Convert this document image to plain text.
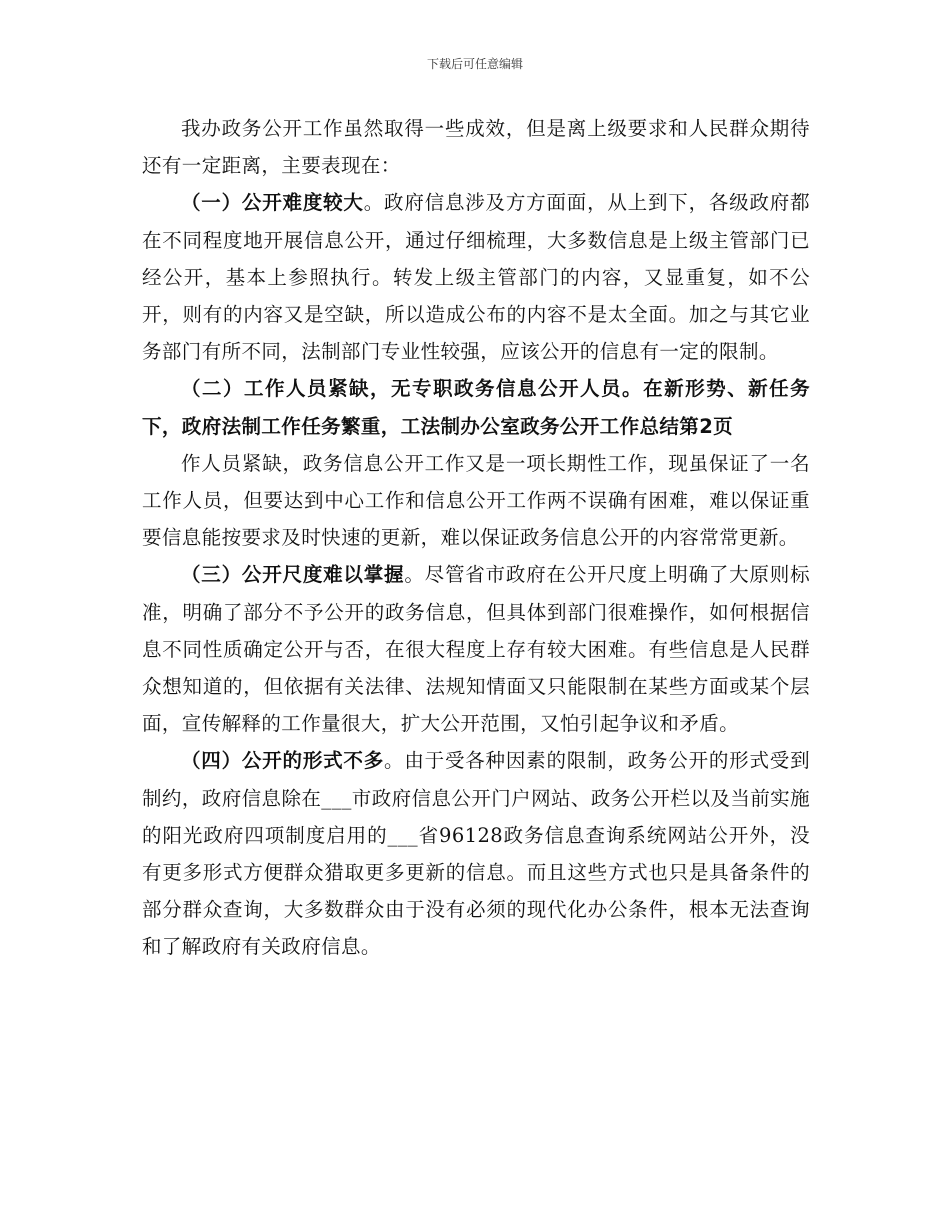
下载后可任意编辑

我办政务公开工作虽然取得一些成效，但是离上级要求和人民群众期待还有一定距离，主要表现在：

（一）公开难度较大。政府信息涉及方方面面，从上到下，各级政府都在不同程度地开展信息公开，通过仔细梳理，大多数信息是上级主管部门已经公开，基本上参照执行。转发上级主管部门的内容，又显重复，如不公开，则有的内容又是空缺，所以造成公布的内容不是太全面。加之与其它业务部门有所不同，法制部门专业性较强，应该公开的信息有一定的限制。

（二）工作人员紧缺，无专职政务信息公开人员。在新形势、新任务下，政府法制工作任务繁重，工法制办公室政务公开工作总结第2页

作人员紧缺，政务信息公开工作又是一项长期性工作，现虽保证了一名工作人员，但要达到中心工作和信息公开工作两不误确有困难，难以保证重要信息能按要求及时快速的更新，难以保证政务信息公开的内容常常更新。

（三）公开尺度难以掌握。尽管省市政府在公开尺度上明确了大原则标准，明确了部分不予公开的政务信息，但具体到部门很难操作，如何根据信息不同性质确定公开与否，在很大程度上存有较大困难。有些信息是人民群众想知道的，但依据有关法律、法规知情面又只能限制在某些方面或某个层面，宣传解释的工作量很大，扩大公开范围，又怕引起争议和矛盾。

（四）公开的形式不多。由于受各种因素的限制，政务公开的形式受到制约，政府信息除在___市政府信息公开门户网站、政务公开栏以及当前实施的阳光政府四项制度启用的___省96128政务信息查询系统网站公开外，没有更多形式方便群众猎取更多更新的信息。而且这些方式也只是具备条件的部分群众查询，大多数群众由于没有必须的现代化办公条件，根本无法查询和了解政府有关政府信息。
